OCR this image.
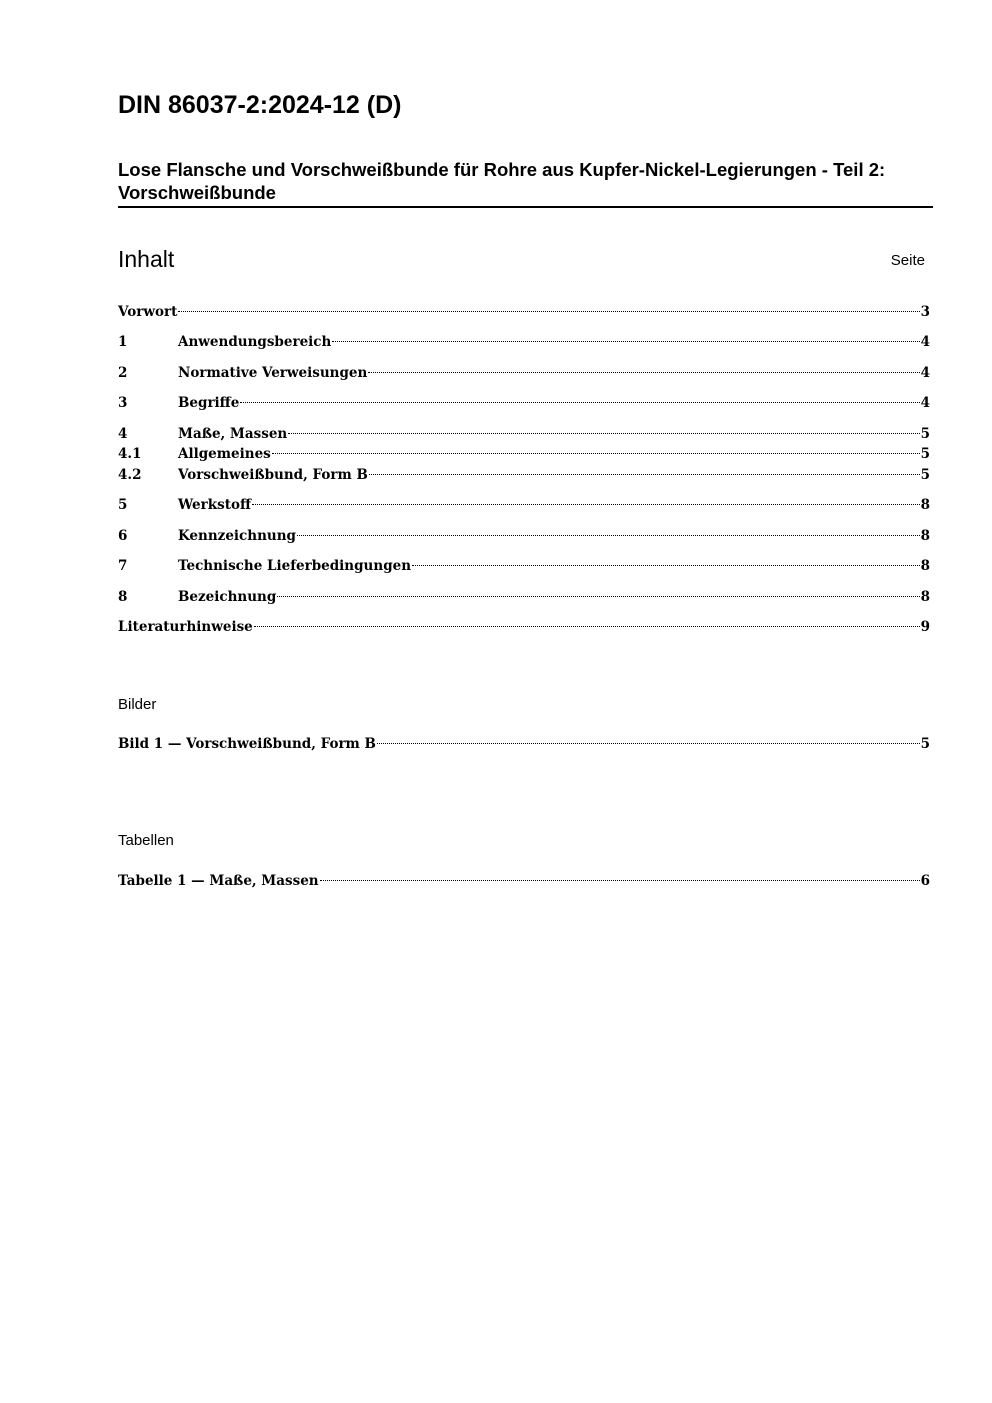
DIN 86037-2:2024-12 (D)
Lose Flansche und Vorschweißbunde für Rohre aus Kupfer-Nickel-Legierungen - Teil 2: Vorschweißbunde
Inhalt	Seite
Vorwort	3
1	Anwendungsbereich	4
2	Normative Verweisungen	4
3	Begriffe	4
4	Maße, Massen	5
4.1	Allgemeines	5
4.2	Vorschweißbund, Form B	5
5	Werkstoff	8
6	Kennzeichnung	8
7	Technische Lieferbedingungen	8
8	Bezeichnung	8
Literaturhinweise	9
Bilder
Bild 1 — Vorschweißbund, Form B	5
Tabellen
Tabelle 1 — Maße, Massen	6
